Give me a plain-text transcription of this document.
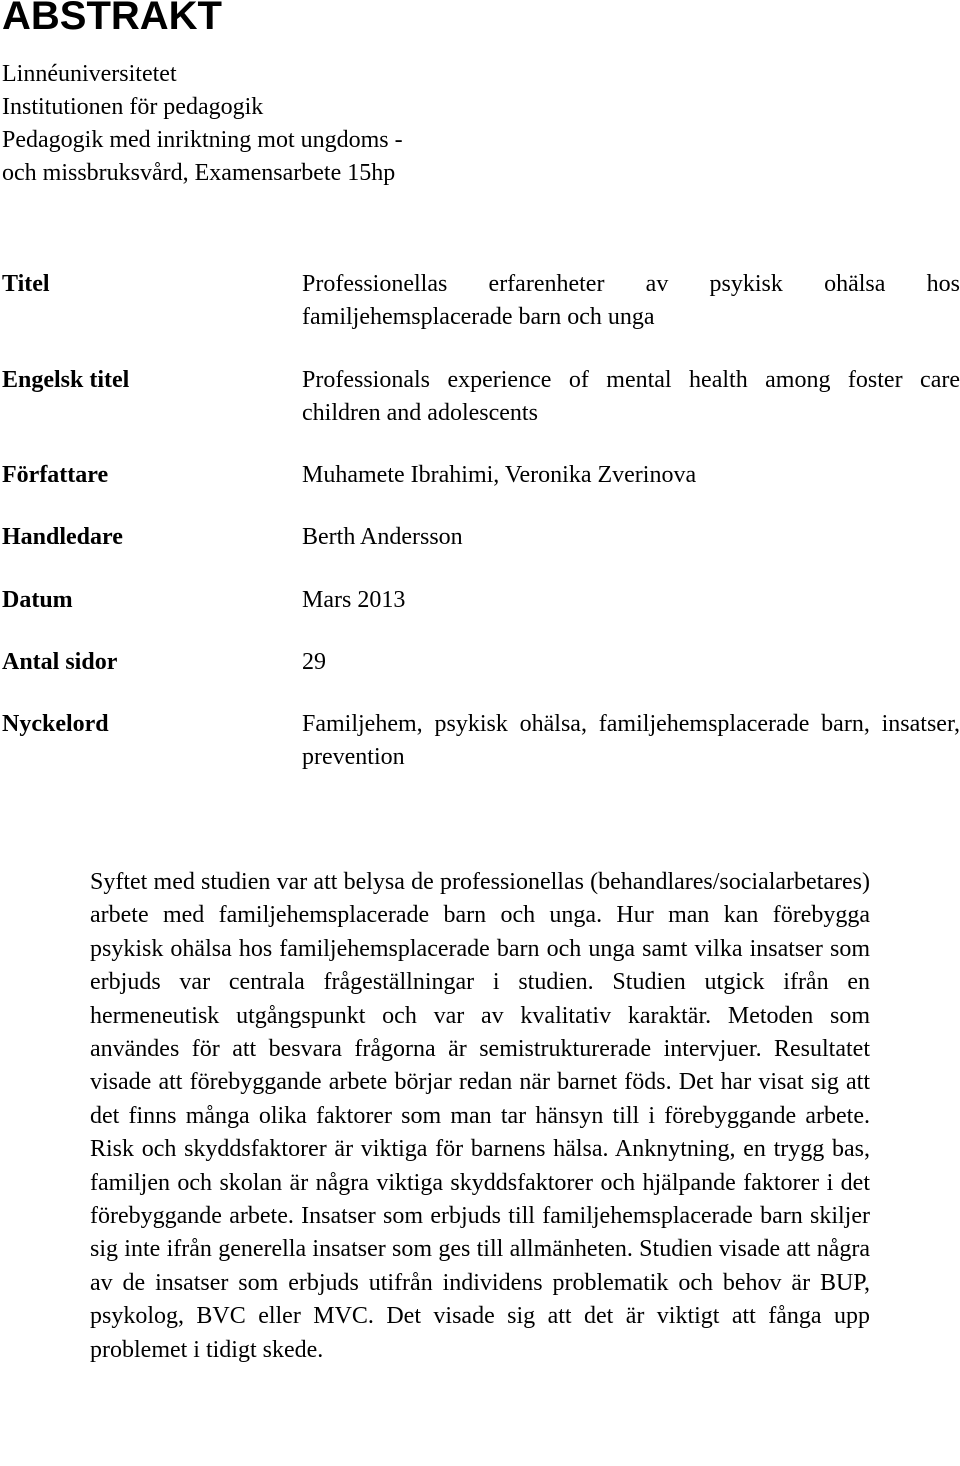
ABSTRAKT
Linnéuniversitetet
Institutionen för pedagogik
Pedagogik med inriktning mot ungdoms -
och missbruksvård, Examensarbete 15hp
Titel	Professionellas erfarenheter av psykisk ohälsa hos familjehemsplacerade barn och unga
Engelsk titel	Professionals experience of mental health among foster care children and adolescents
Författare	Muhamete Ibrahimi, Veronika Zverinova
Handledare	Berth Andersson
Datum	Mars 2013
Antal sidor	29
Nyckelord	Familjehem, psykisk ohälsa, familjehemsplacerade barn, insatser, prevention

Syftet med studien var att belysa de professionellas (behandlares/socialarbetares) arbete med familjehemsplacerade barn och unga. Hur man kan förebygga psykisk ohälsa hos familjehemsplacerade barn och unga samt vilka insatser som erbjuds var centrala frågeställningar i studien. Studien utgick ifrån en hermeneutisk utgångspunkt och var av kvalitativ karaktär. Metoden som användes för att besvara frågorna är semistrukturerade intervjuer. Resultatet visade att förebyggande arbete börjar redan när barnet föds. Det har visat sig att det finns många olika faktorer som man tar hänsyn till i förebyggande arbete. Risk och skyddsfaktorer är viktiga för barnens hälsa. Anknytning, en trygg bas, familjen och skolan är några viktiga skyddsfaktorer och hjälpande faktorer i det förebyggande arbete. Insatser som erbjuds till familjehemsplacerade barn skiljer sig inte ifrån generella insatser som ges till allmänheten. Studien visade att några av de insatser som erbjuds utifrån individens problematik och behov är BUP, psykolog, BVC eller MVC. Det visade sig att det är viktigt att fånga upp problemet i tidigt skede.
